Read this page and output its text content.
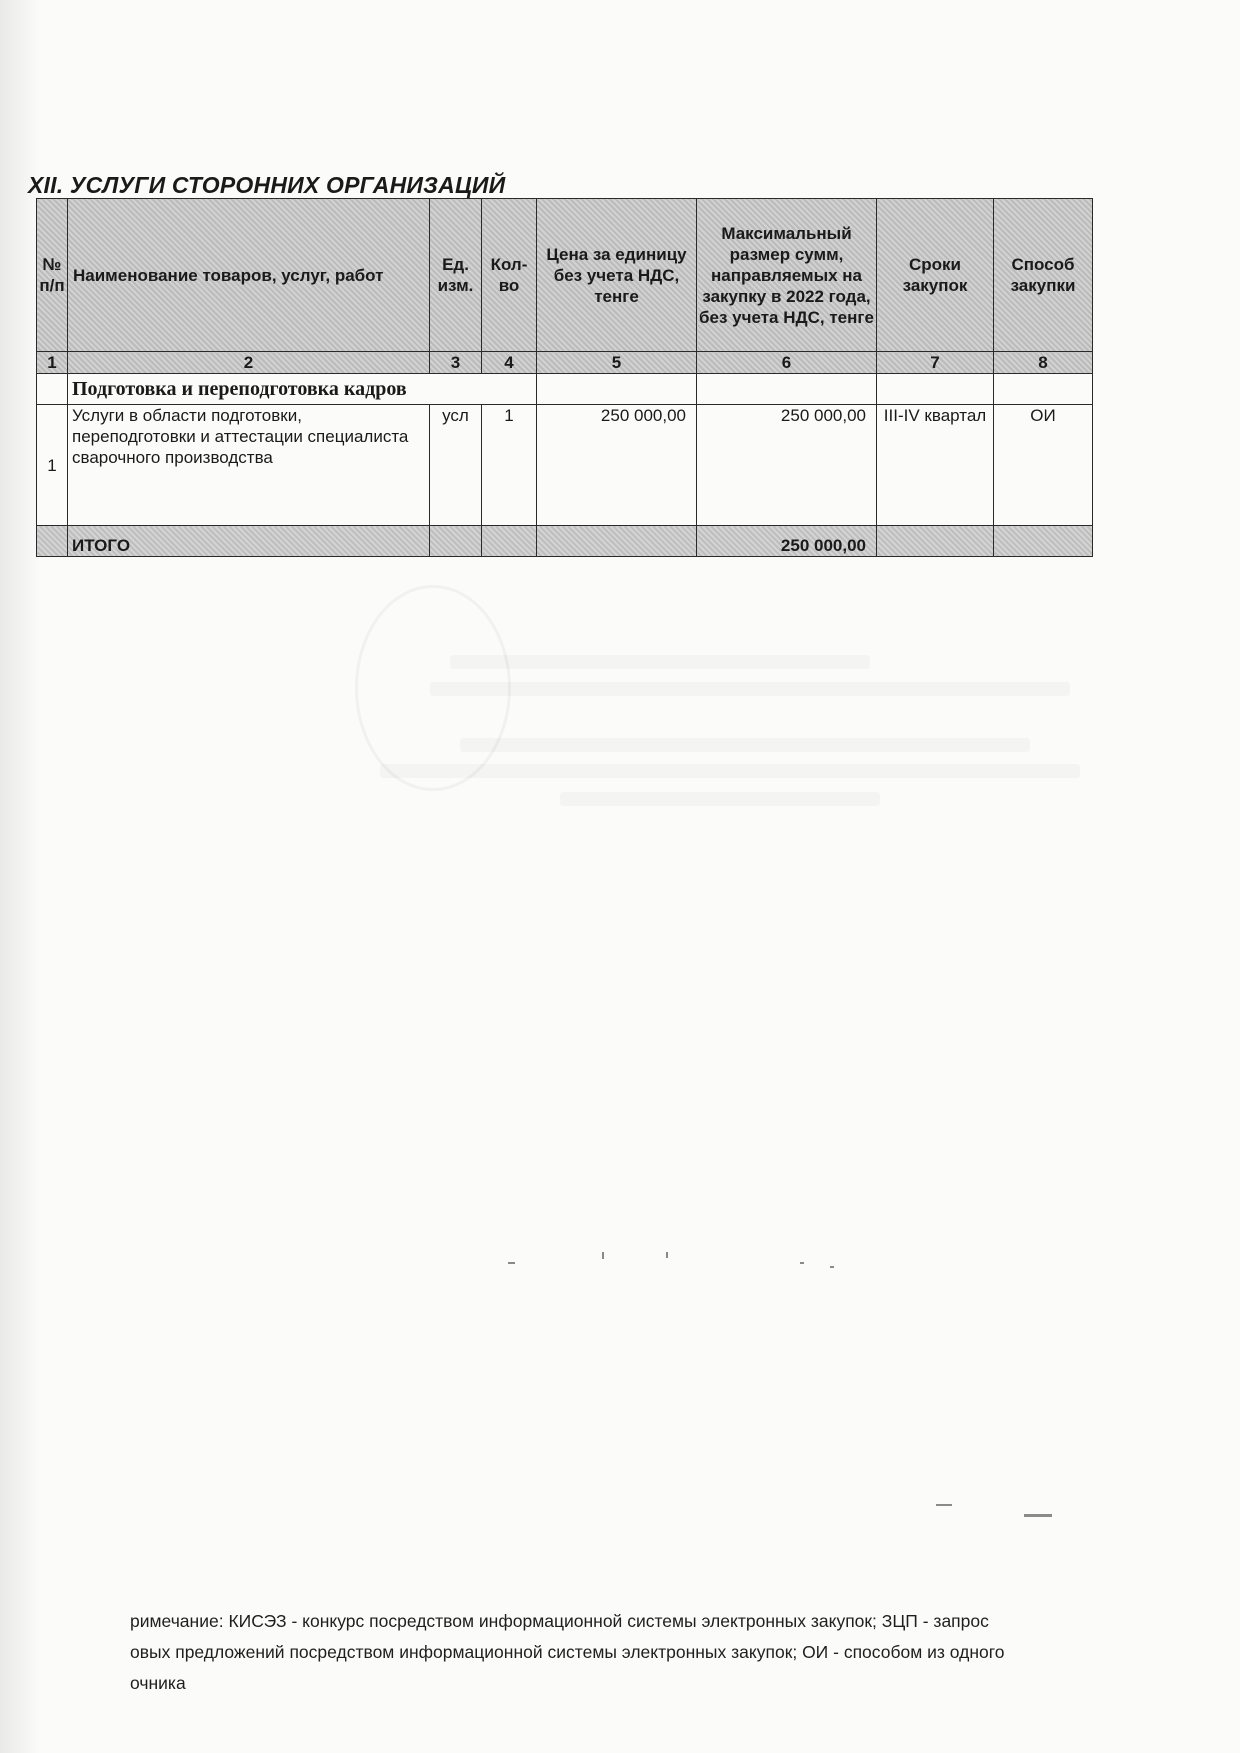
XII. УСЛУГИ СТОРОННИХ ОРГАНИЗАЦИЙ
№ п/п	Наименование товаров, услуг, работ	Ед. изм.	Кол-во	Цена за единицу без учета НДС, тенге	Максимальный размер сумм, направляемых на закупку в 2022 года, без учета НДС, тенге	Сроки закупок	Способ закупки
1	2	3	4	5	6	7	8
	Подготовка и переподготовка кадров						
1	Услуги в области подготовки, переподготовки и аттестации специалиста сварочного производства	усл	1	250 000,00	250 000,00	III-IV квартал	ОИ
	ИТОГО				250 000,00		
римечание: КИСЭЗ - конкурс посредством информационной системы электронных закупок; ЗЦП - запрос
овых предложений посредством информационной системы электронных закупок; ОИ - способом из одного
очника
